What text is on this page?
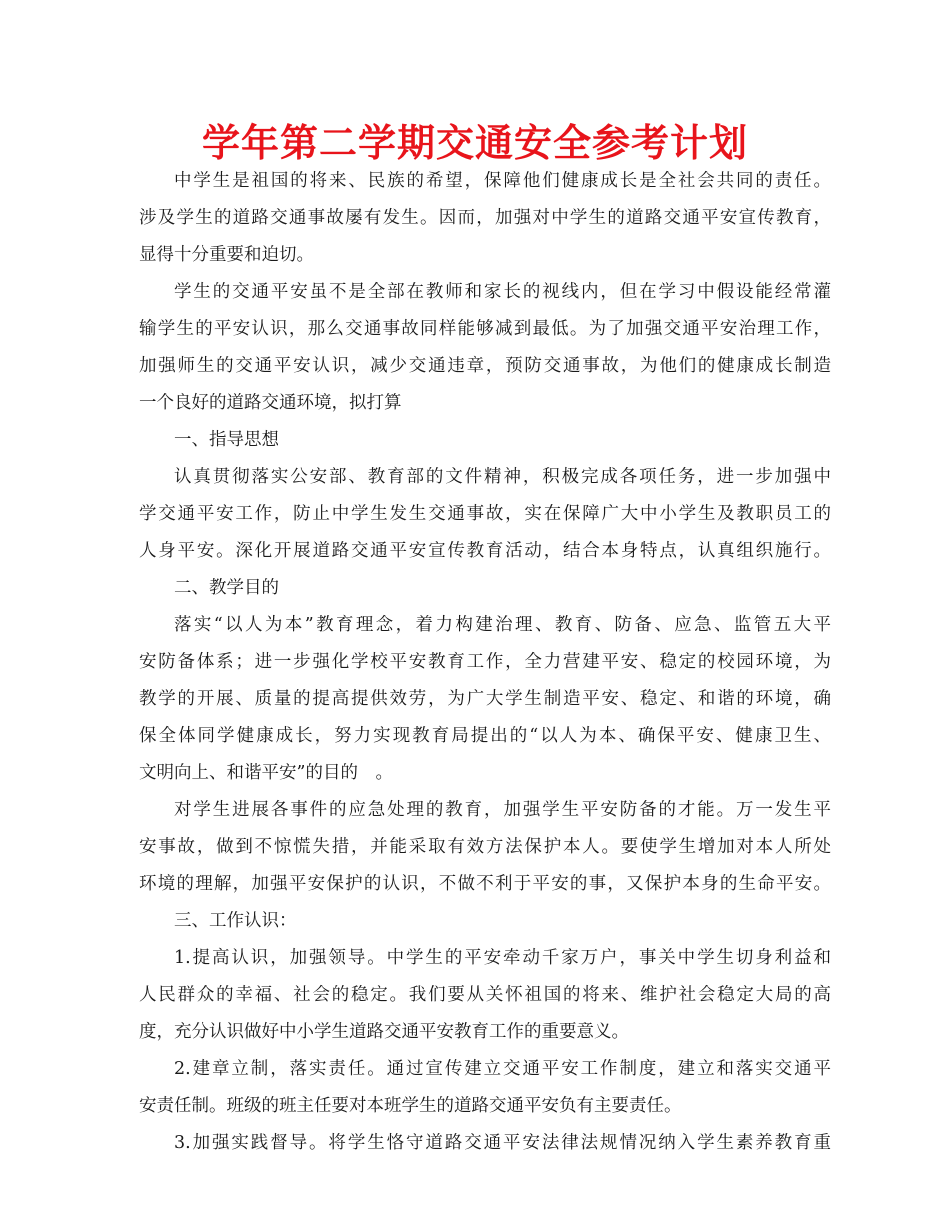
学年第二学期交通安全参考计划
中学生是祖国的将来、民族的希望，保障他们健康成长是全社会共同的责任。
涉及学生的道路交通事故屡有发生。因而，加强对中学生的道路交通平安宣传教育，
显得十分重要和迫切。
学生的交通平安虽不是全部在教师和家长的视线内，但在学习中假设能经常灌
输学生的平安认识，那么交通事故同样能够减到最低。为了加强交通平安治理工作，
加强师生的交通平安认识，减少交通违章，预防交通事故，为他们的健康成长制造
一个良好的道路交通环境，拟打算
一、指导思想
认真贯彻落实公安部、教育部的文件精神，积极完成各项任务，进一步加强中
学交通平安工作，防止中学生发生交通事故，实在保障广大中小学生及教职员工的
人身平安。深化开展道路交通平安宣传教育活动，结合本身特点，认真组织施行。
二、教学目的
落实“以人为本”教育理念，着力构建治理、教育、防备、应急、监管五大平
安防备体系；进一步强化学校平安教育工作，全力营建平安、稳定的校园环境，为
教学的开展、质量的提高提供效劳，为广大学生制造平安、稳定、和谐的环境，确
保全体同学健康成长，努力实现教育局提出的“以人为本、确保平安、健康卫生、
文明向上、和谐平安”的目的　。
对学生进展各事件的应急处理的教育，加强学生平安防备的才能。万一发生平
安事故，做到不惊慌失措，并能采取有效方法保护本人。要使学生增加对本人所处
环境的理解，加强平安保护的认识，不做不利于平安的事，又保护本身的生命平安。
三、工作认识：
1.提高认识，加强领导。中学生的平安牵动千家万户，事关中学生切身利益和
人民群众的幸福、社会的稳定。我们要从关怀祖国的将来、维护社会稳定大局的高
度，充分认识做好中小学生道路交通平安教育工作的重要意义。
2.建章立制，落实责任。通过宣传建立交通平安工作制度，建立和落实交通平
安责任制。班级的班主任要对本班学生的道路交通平安负有主要责任。
3.加强实践督导。将学生恪守道路交通平安法律法规情况纳入学生素养教育重
